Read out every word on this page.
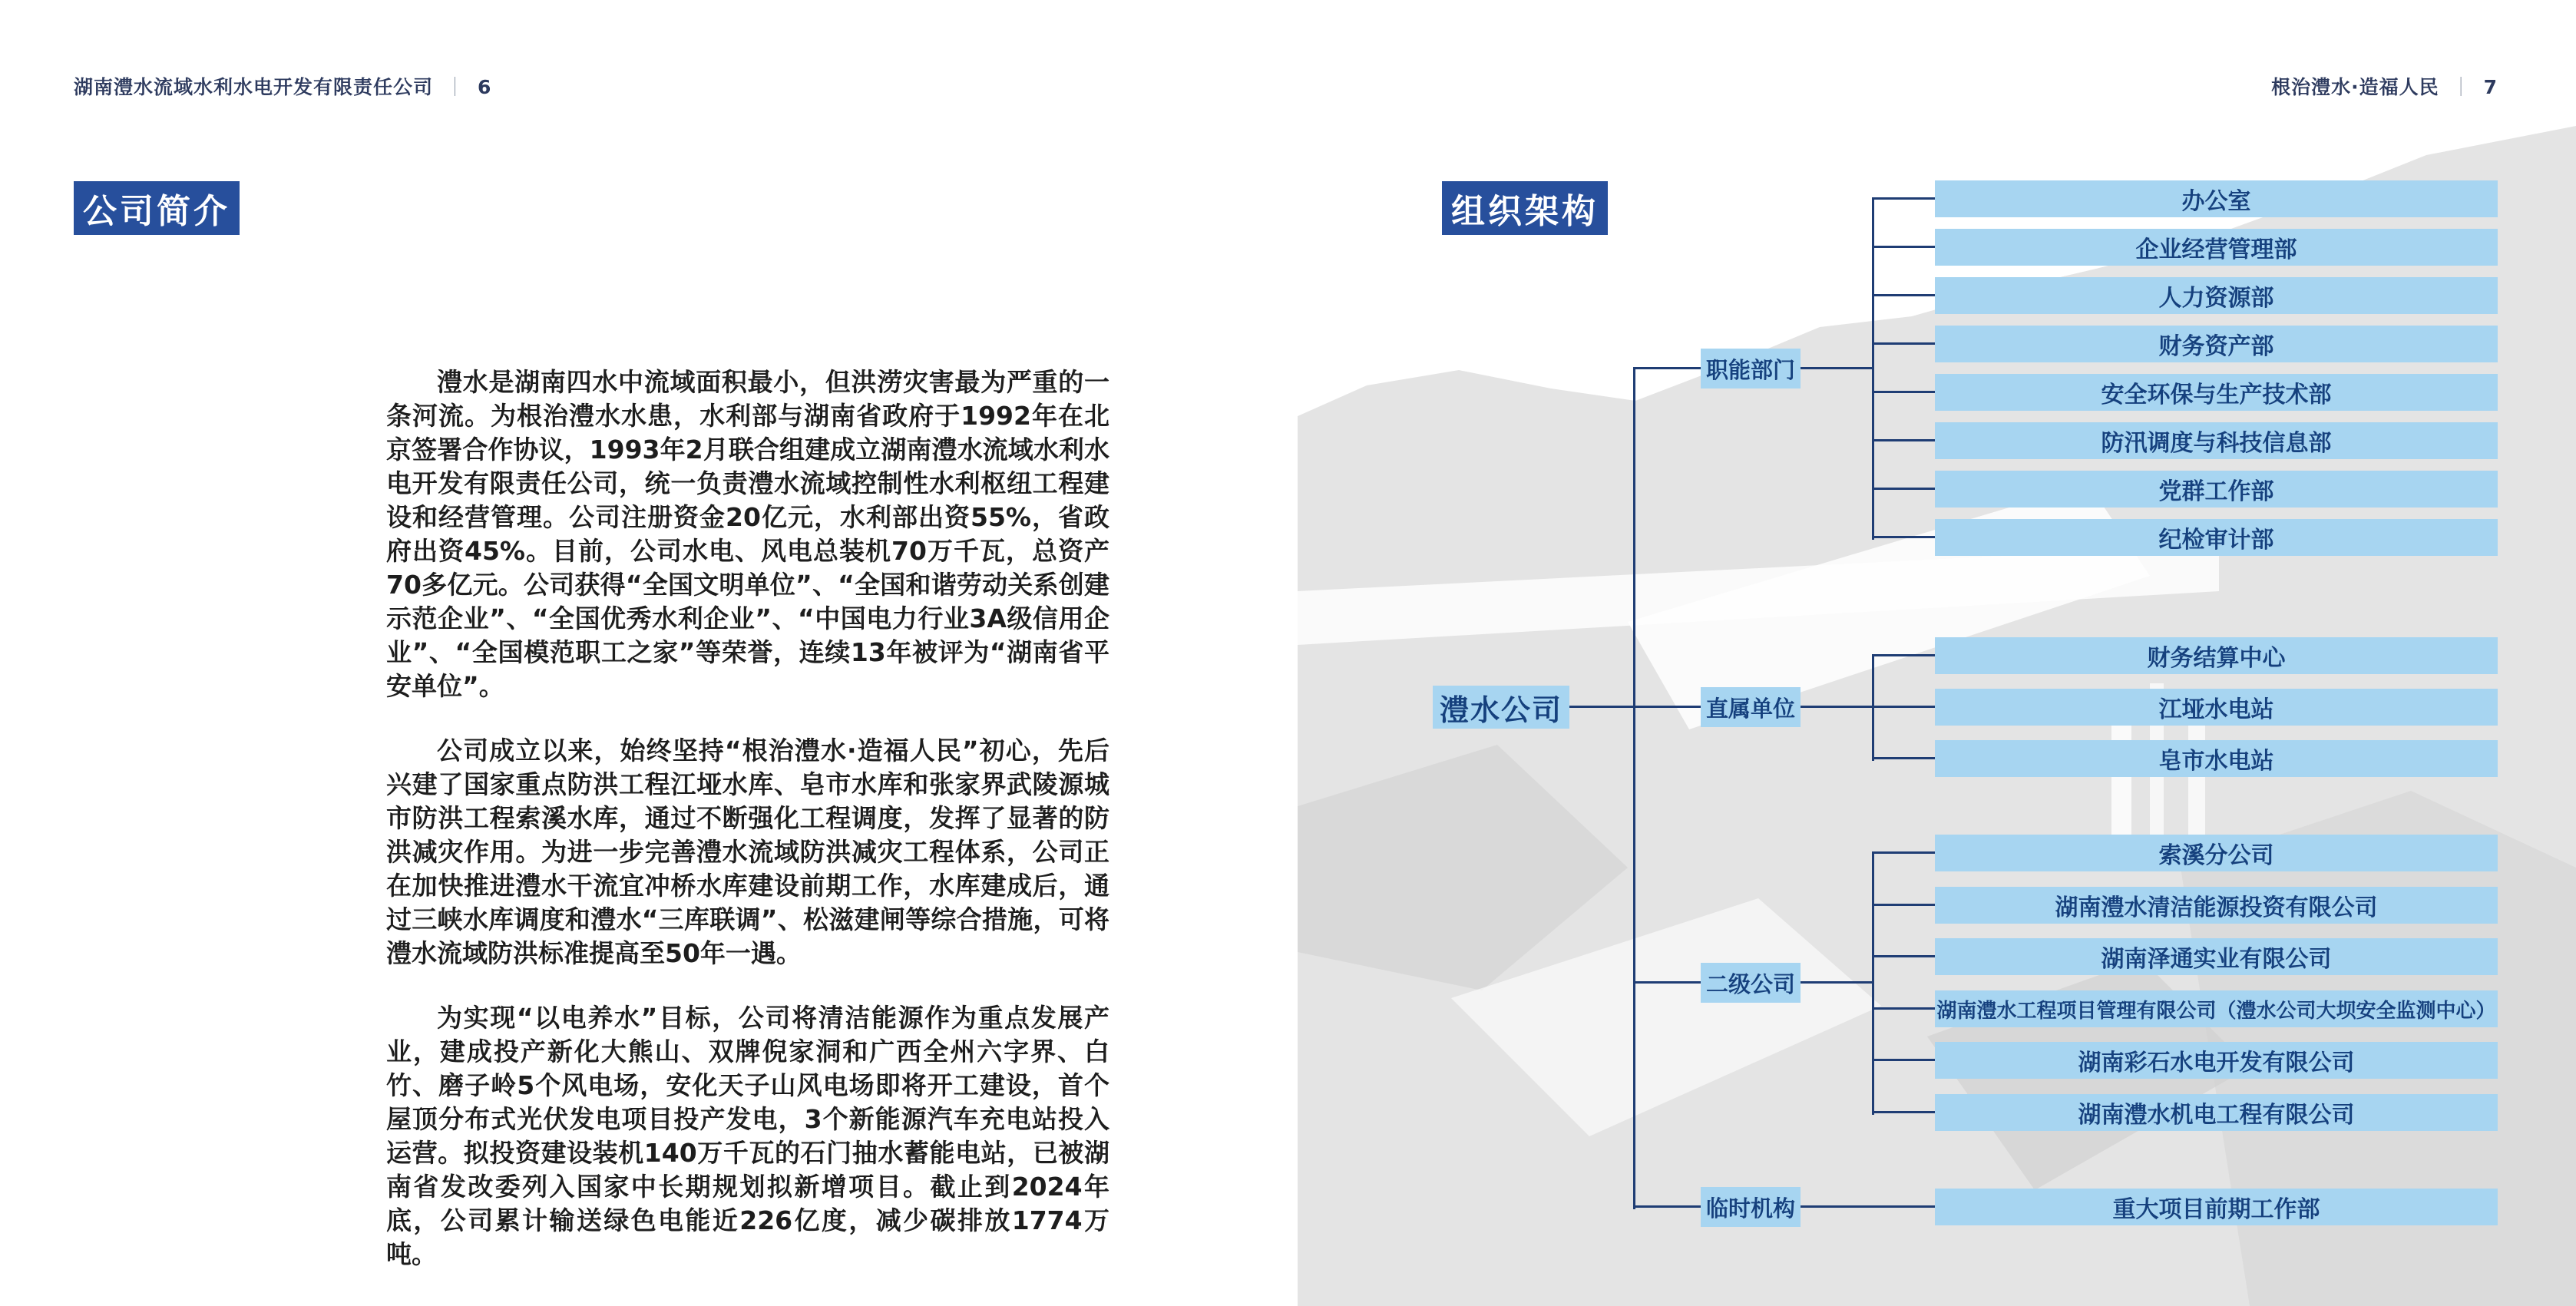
湖南澧水流域水利水电开发有限责任公司 ｜ 6
公司简介

澧水是湖南四水中流域面积最小，但洪涝灾害最为严重的一条河流。为根治澧水水患，水利部与湖南省政府于1992年在北京签署合作协议，1993年2月联合组建成立湖南澧水流域水利水电开发有限责任公司，统一负责澧水流域控制性水利枢纽工程建设和经营管理。公司注册资金20亿元，水利部出资55%，省政府出资45%。目前，公司水电、风电总装机70万千瓦，总资产70多亿元。公司获得“全国文明单位”、“全国和谐劳动关系创建示范企业”、“全国优秀水利企业”、“中国电力行业3A级信用企业”、“全国模范职工之家”等荣誉，连续13年被评为“湖南省平安单位”。

公司成立以来，始终坚持“根治澧水·造福人民”初心，先后兴建了国家重点防洪工程江垭水库、皂市水库和张家界武陵源城市防洪工程索溪水库，通过不断强化工程调度，发挥了显著的防洪减灾作用。为进一步完善澧水流域防洪减灾工程体系，公司正在加快推进澧水干流宜冲桥水库建设前期工作，水库建成后，通过三峡水库调度和澧水“三库联调”、松滋建闸等综合措施，可将澧水流域防洪标准提高至50年一遇。

为实现“以电养水”目标，公司将清洁能源作为重点发展产业，建成投产新化大熊山、双牌倪家洞和广西全州六字界、白竹、磨子岭5个风电场，安化天子山风电场即将开工建设，首个屋顶分布式光伏发电项目投产发电，3个新能源汽车充电站投入运营。拟投资建设装机140万千瓦的石门抽水蓄能电站，已被湖南省发改委列入国家中长期规划拟新增项目。截止到2024年底，公司累计输送绿色电能近226亿度，减少碳排放1774万吨。

根治澧水·造福人民 ｜ 7
组织架构
澧水公司
职能部门
直属单位
二级公司
临时机构
办公室
企业经营管理部
人力资源部
财务资产部
安全环保与生产技术部
防汛调度与科技信息部
党群工作部
纪检审计部
财务结算中心
江垭水电站
皂市水电站
索溪分公司
湖南澧水清洁能源投资有限公司
湖南泽通实业有限公司
湖南澧水工程项目管理有限公司（澧水公司大坝安全监测中心）
湖南彩石水电开发有限公司
湖南澧水机电工程有限公司
重大项目前期工作部
